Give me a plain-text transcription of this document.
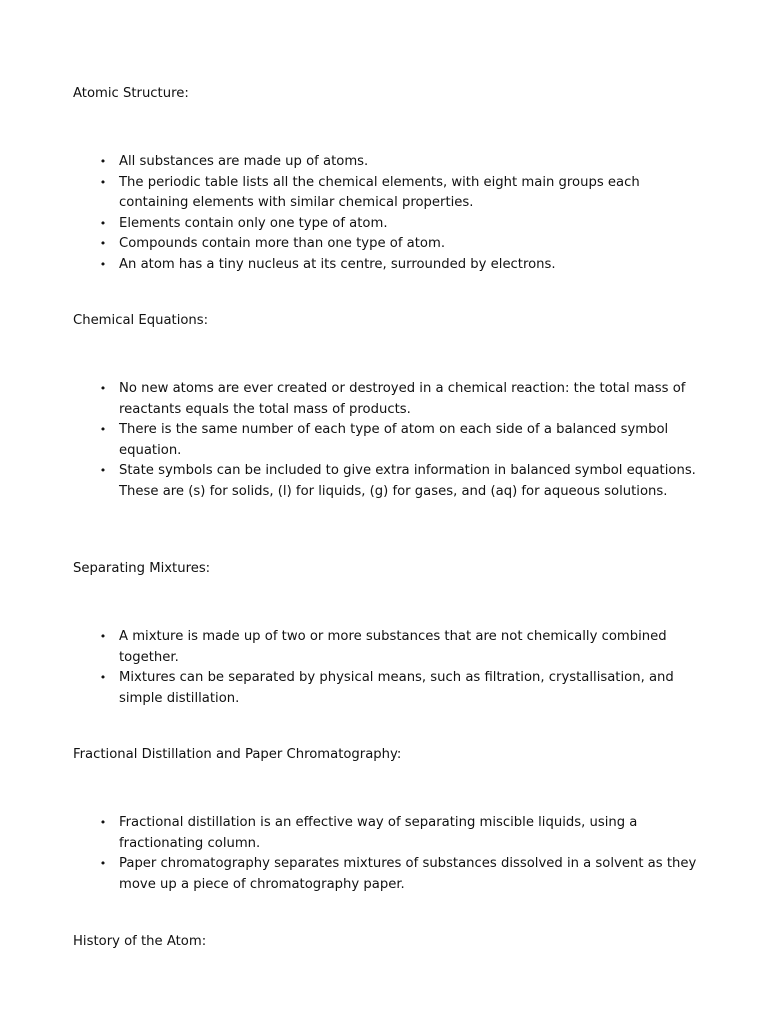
Atomic Structure:
• All substances are made up of atoms.
• The periodic table lists all the chemical elements, with eight main groups each containing elements with similar chemical properties.
• Elements contain only one type of atom.
• Compounds contain more than one type of atom.
• An atom has a tiny nucleus at its centre, surrounded by electrons.
Chemical Equations:
• No new atoms are ever created or destroyed in a chemical reaction: the total mass of reactants equals the total mass of products.
• There is the same number of each type of atom on each side of a balanced symbol equation.
• State symbols can be included to give extra information in balanced symbol equations. These are (s) for solids, (l) for liquids, (g) for gases, and (aq) for aqueous solutions.
Separating Mixtures:
• A mixture is made up of two or more substances that are not chemically combined together.
• Mixtures can be separated by physical means, such as filtration, crystallisation, and simple distillation.
Fractional Distillation and Paper Chromatography:
• Fractional distillation is an effective way of separating miscible liquids, using a fractionating column.
• Paper chromatography separates mixtures of substances dissolved in a solvent as they move up a piece of chromatography paper.
History of the Atom:
